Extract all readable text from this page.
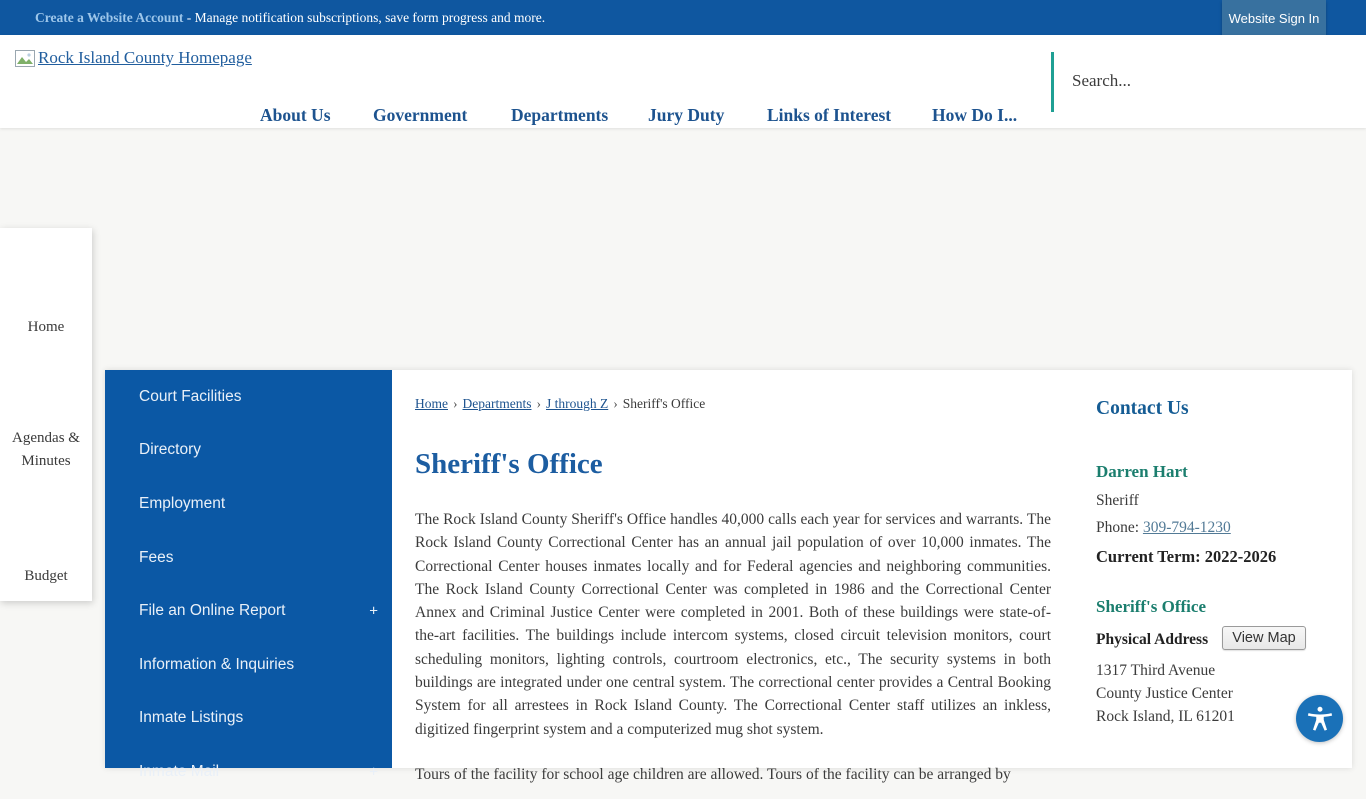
Create a Website Account - Manage notification subscriptions, save form progress and more.	Website Sign In
Rock Island County Homepage
About Us Government Departments Jury Duty Links of Interest How Do I...
Search...
Home
Agendas & Minutes
Budget
Court Facilities
Directory
Employment
Fees
File an Online Report	+
Information & Inquiries
Inmate Listings
Inmate Mail	+
Home › Departments › J through Z › Sheriff's Office
Sheriff's Office

The Rock Island County Sheriff's Office handles 40,000 calls each year for services and warrants. The Rock Island County Correctional Center has an annual jail population of over 10,000 inmates. The Correctional Center houses inmates locally and for Federal agencies and neighboring communities. The Rock Island County Correctional Center was completed in 1986 and the Correctional Center Annex and Criminal Justice Center were completed in 2001. Both of these buildings were state-of-the-art facilities. The buildings include intercom systems, closed circuit television monitors, court scheduling monitors, lighting controls, courtroom electronics, etc., The security systems in both buildings are integrated under one central system. The correctional center provides a Central Booking System for all arrestees in Rock Island County. The Correctional Center staff utilizes an inkless, digitized fingerprint system and a computerized mug shot system.

Tours of the facility for school age children are allowed. Tours of the facility can be arranged by

Contact Us
Darren Hart
Sheriff
Phone: 309-794-1230
Current Term: 2022-2026
Sheriff's Office
Physical Address	View Map
1317 Third Avenue
County Justice Center
Rock Island, IL 61201
